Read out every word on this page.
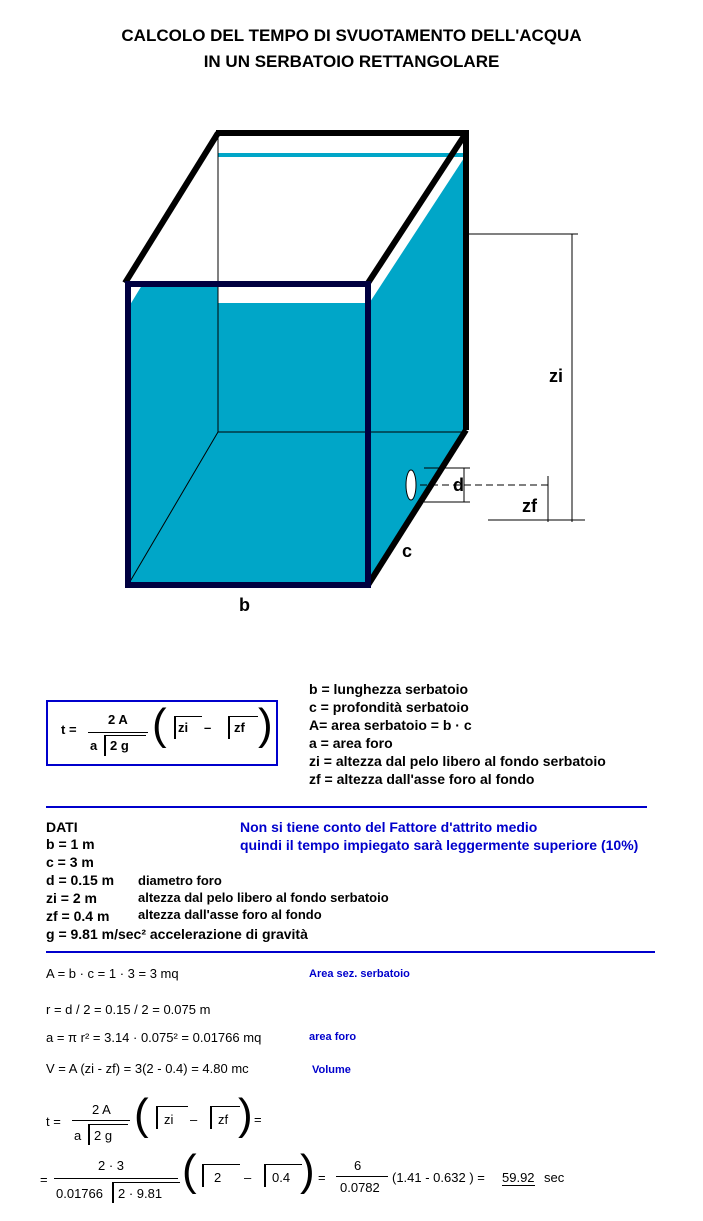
CALCOLO DEL TEMPO DI SVUOTAMENTO DELL'ACQUA
IN UN SERBATOIO RETTANGOLARE
zi
d
zf
c
b
t =
2 A
a 2 g ( zi – zf )
b = lunghezza serbatoio
c = profondità serbatoio
A= area serbatoio = b · c
a = area foro
zi = altezza dal pelo libero al fondo serbatoio
zf = altezza dall'asse foro al fondo
Non si tiene conto del Fattore d'attrito medio
quindi il tempo impiegato sarà leggermente superiore (10%)
DATI
b = 1 m
c = 3 m
d = 0.15 m diametro foro
zi = 2 m	altezza dal pelo libero al fondo serbatoio
zf = 0.4 m altezza dall'asse foro al fondo
g = 9.81 m/sec² accelerazione di gravità
A = b · c = 1 · 3 = 3 mq	Area sez. serbatoio
r = d / 2 = 0.15 / 2 = 0.075 m
a = π r² = 3.14 · 0.075² = 0.01766 mq	area foro
V = A (zi - zf) = 3(2 - 0.4) = 4.80 mc	Volume
t =
2 A
a 2 g ( zi – zf ) =
=
2 · 3
0.01766 2 · 9.81 ( 2 – 0.4 ) =
6
0.0782
(1.41 - 0.632 ) = 59.92 sec
